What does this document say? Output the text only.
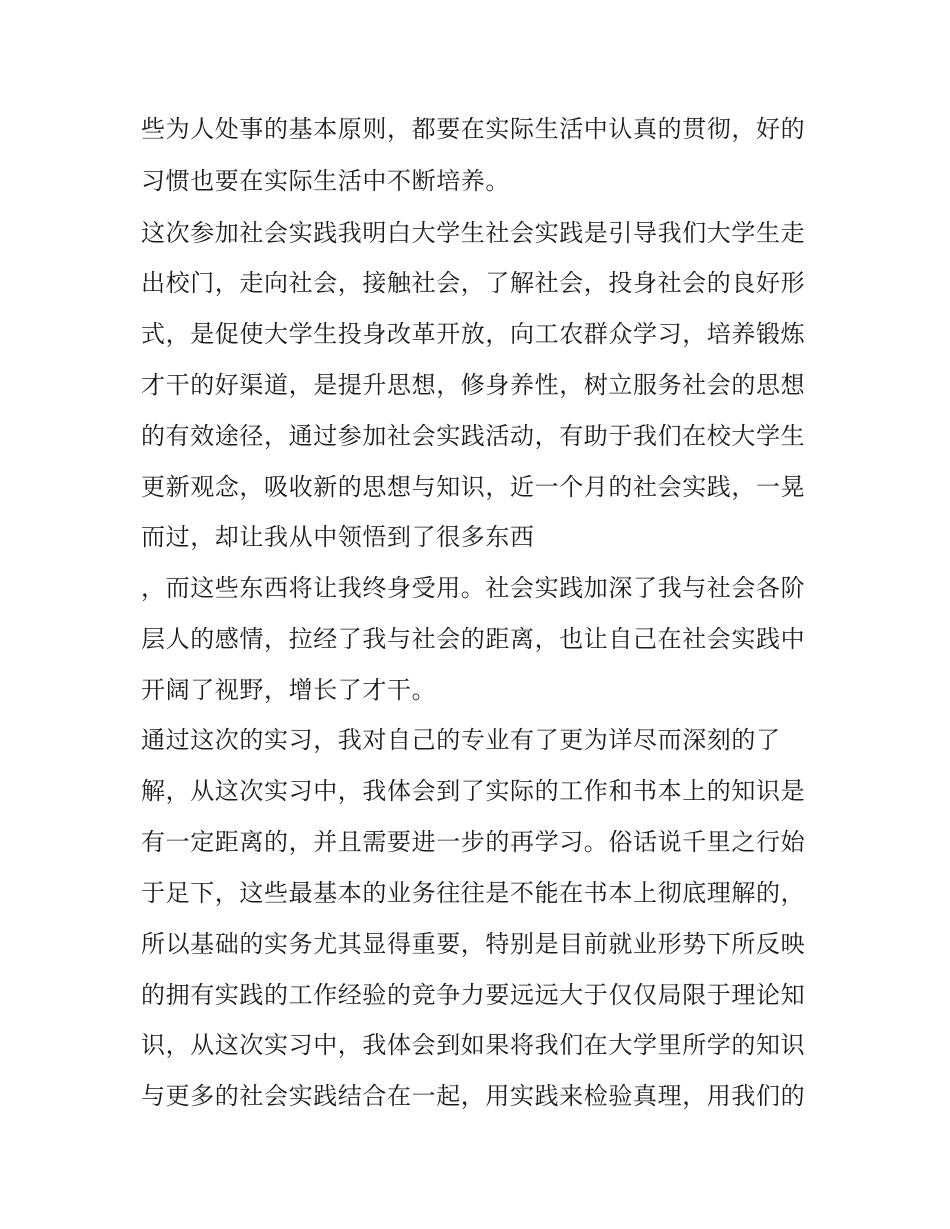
些为人处事的基本原则，都要在实际生活中认真的贯彻，好的

习惯也要在实际生活中不断培养。

这次参加社会实践我明白大学生社会实践是引导我们大学生走

出校门，走向社会，接触社会，了解社会，投身社会的良好形

式，是促使大学生投身改革开放，向工农群众学习，培养锻炼

才干的好渠道，是提升思想，修身养性，树立服务社会的思想

的有效途径，通过参加社会实践活动，有助于我们在校大学生

更新观念，吸收新的思想与知识，近一个月的社会实践，一晃

而过，却让我从中领悟到了很多东西

，而这些东西将让我终身受用。社会实践加深了我与社会各阶

层人的感情，拉经了我与社会的距离，也让自己在社会实践中

开阔了视野，增长了才干。

通过这次的实习，我对自己的专业有了更为详尽而深刻的了

解，从这次实习中，我体会到了实际的工作和书本上的知识是

有一定距离的，并且需要进一步的再学习。俗话说千里之行始

于足下，这些最基本的业务往往是不能在书本上彻底理解的，

所以基础的实务尤其显得重要，特别是目前就业形势下所反映

的拥有实践的工作经验的竞争力要远远大于仅仅局限于理论知

识，从这次实习中，我体会到如果将我们在大学里所学的知识

与更多的社会实践结合在一起，用实践来检验真理，用我们的
